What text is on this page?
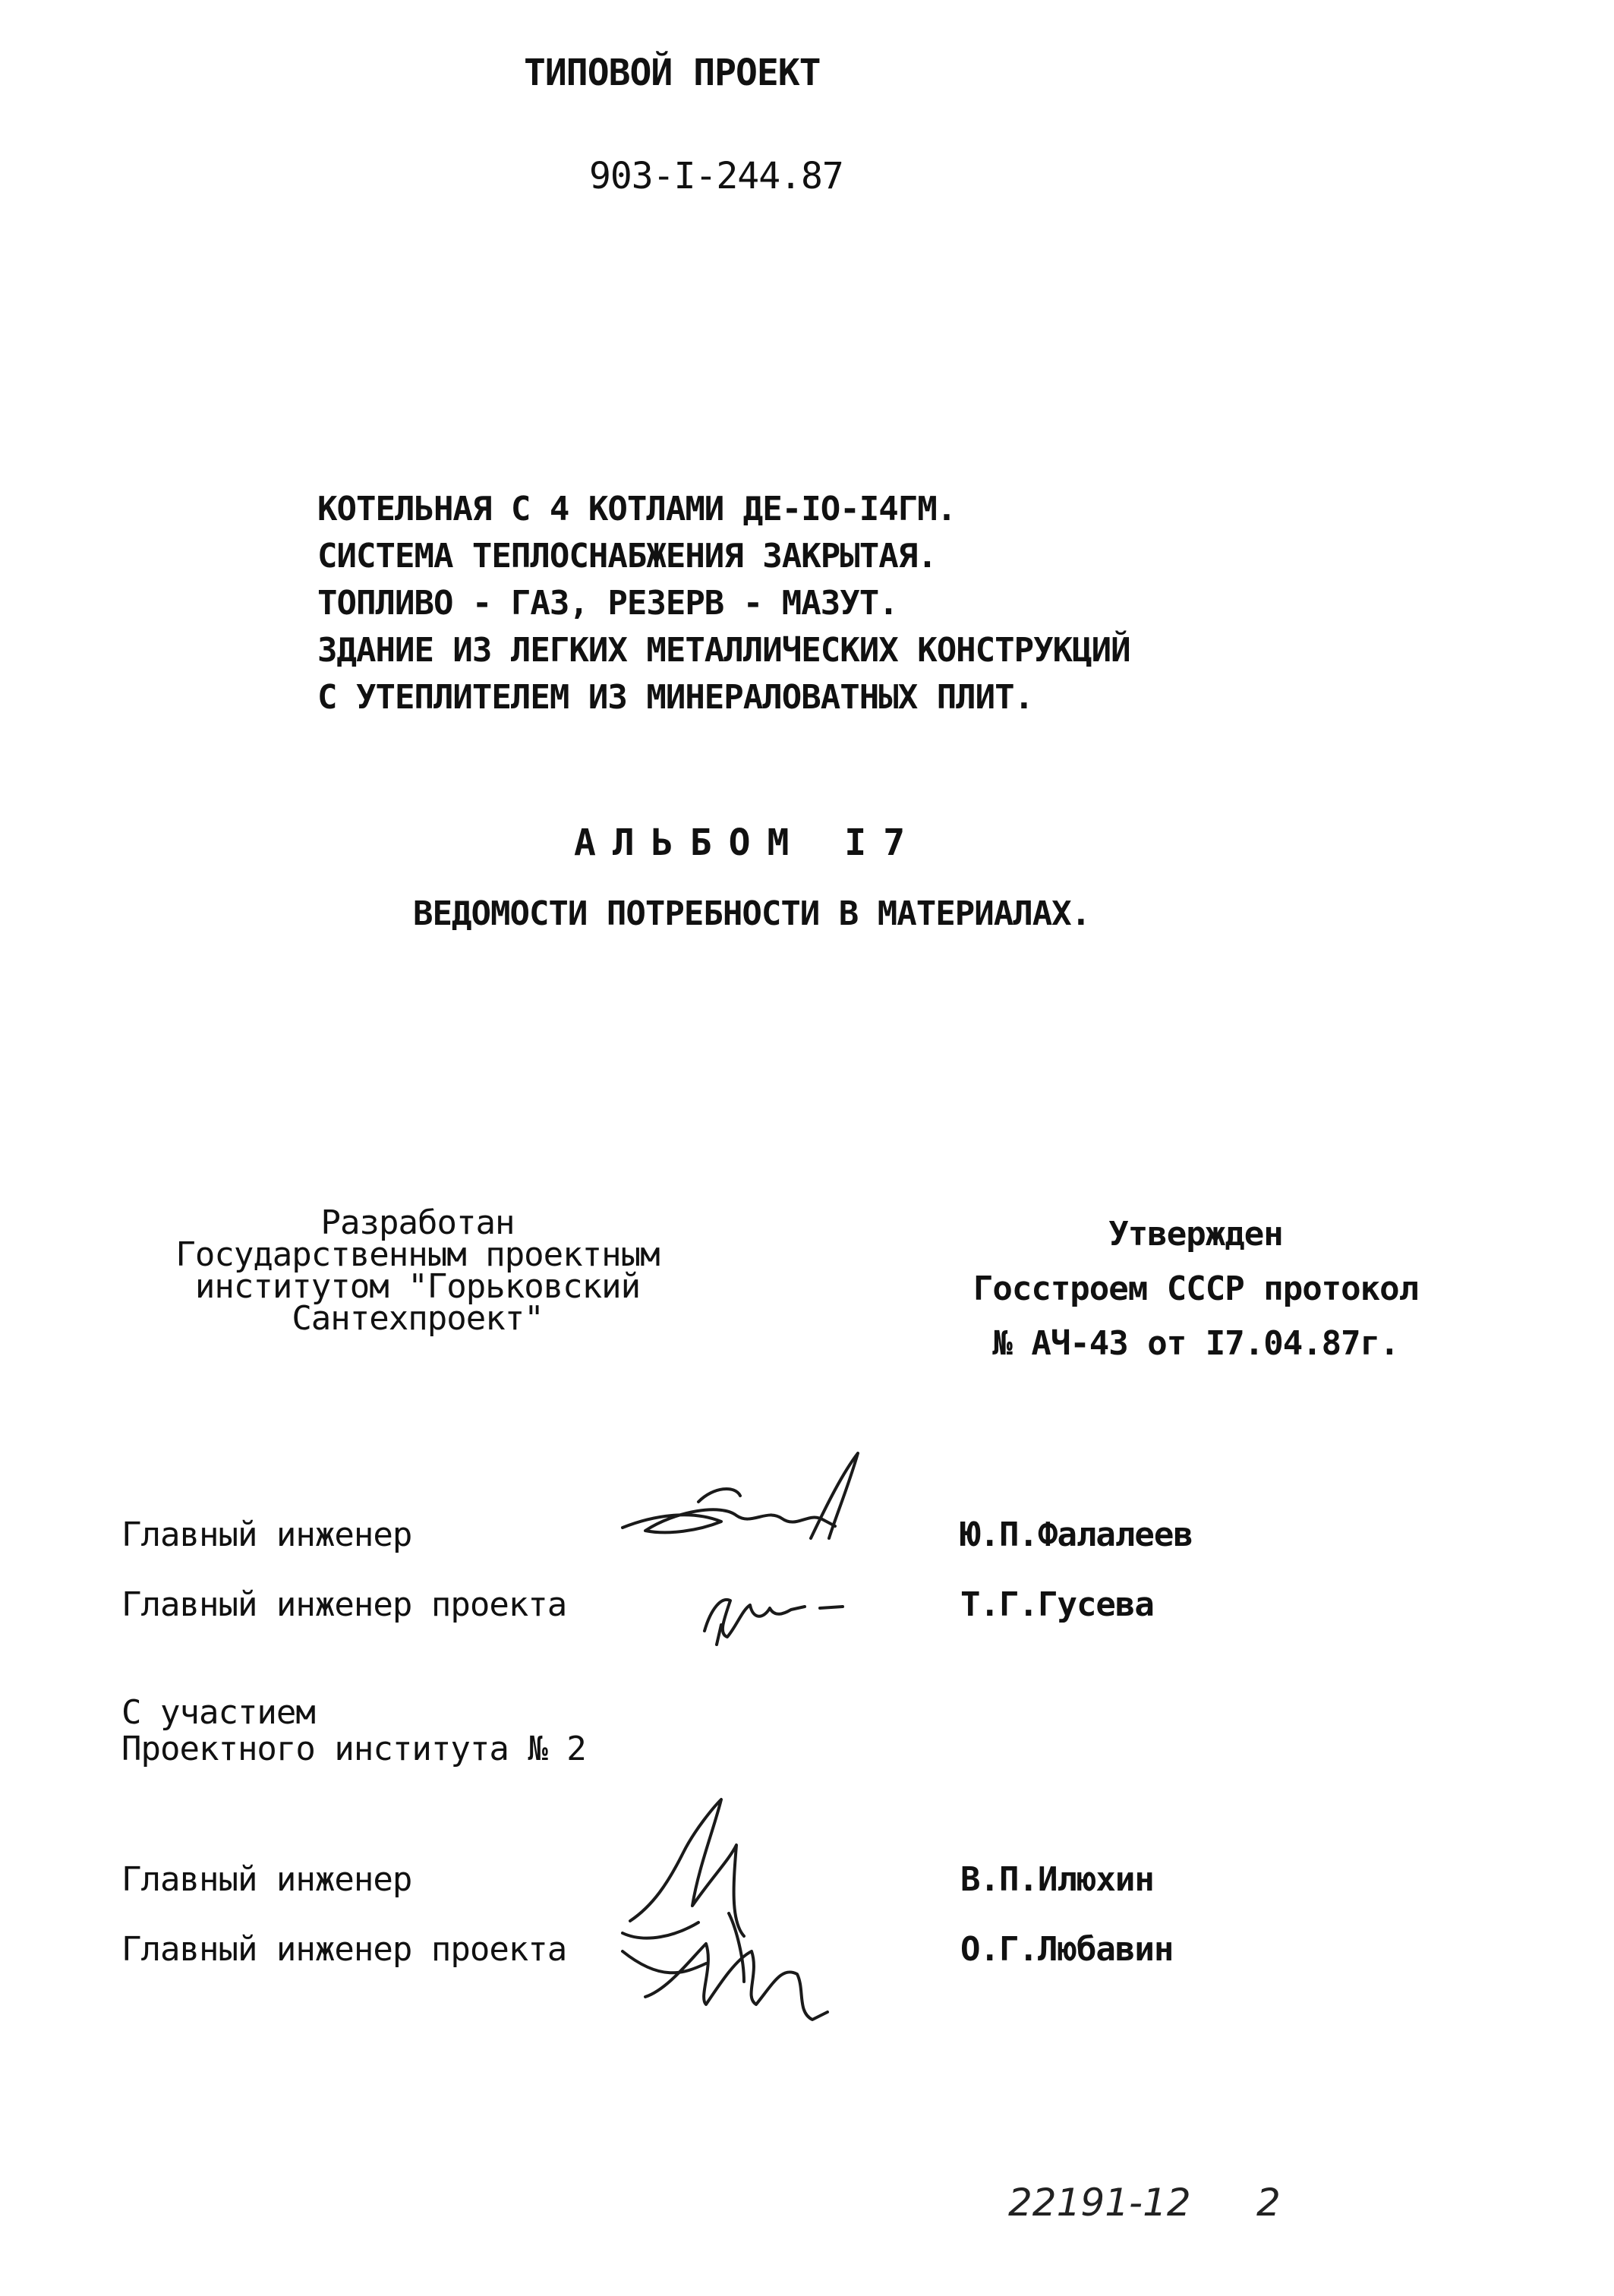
ТИПОВОЙ ПРОЕКТ
903-I-244.87
КОТЕЛЬНАЯ С 4 КОТЛАМИ ДЕ-IO-I4ГМ.
СИСТЕМА ТЕПЛОСНАБЖЕНИЯ ЗАКРЫТАЯ.
ТОПЛИВО - ГАЗ, РЕЗЕРВ - МАЗУТ.
ЗДАНИЕ ИЗ ЛЕГКИХ МЕТАЛЛИЧЕСКИХ КОНСТРУКЦИЙ
С УТЕПЛИТЕЛЕМ ИЗ МИНЕРАЛОВАТНЫХ ПЛИТ.
АЛЬБОМ I7
ВЕДОМОСТИ ПОТРЕБНОСТИ В МАТЕРИАЛАХ.
Разработан
Государственным проектным
институтом "Горьковский
Сантехпроект"
Утвержден
Госстроем СССР протокол
№ АЧ-43 от I7.04.87г.
Главный инженер	Ю.П.Фалалеев
Главный инженер проекта	Т.Г.Гусева
С участием
Проектного института № 2
Главный инженер	В.П.Илюхин
Главный инженер проекта	О.Г.Любавин
22191-12 2
